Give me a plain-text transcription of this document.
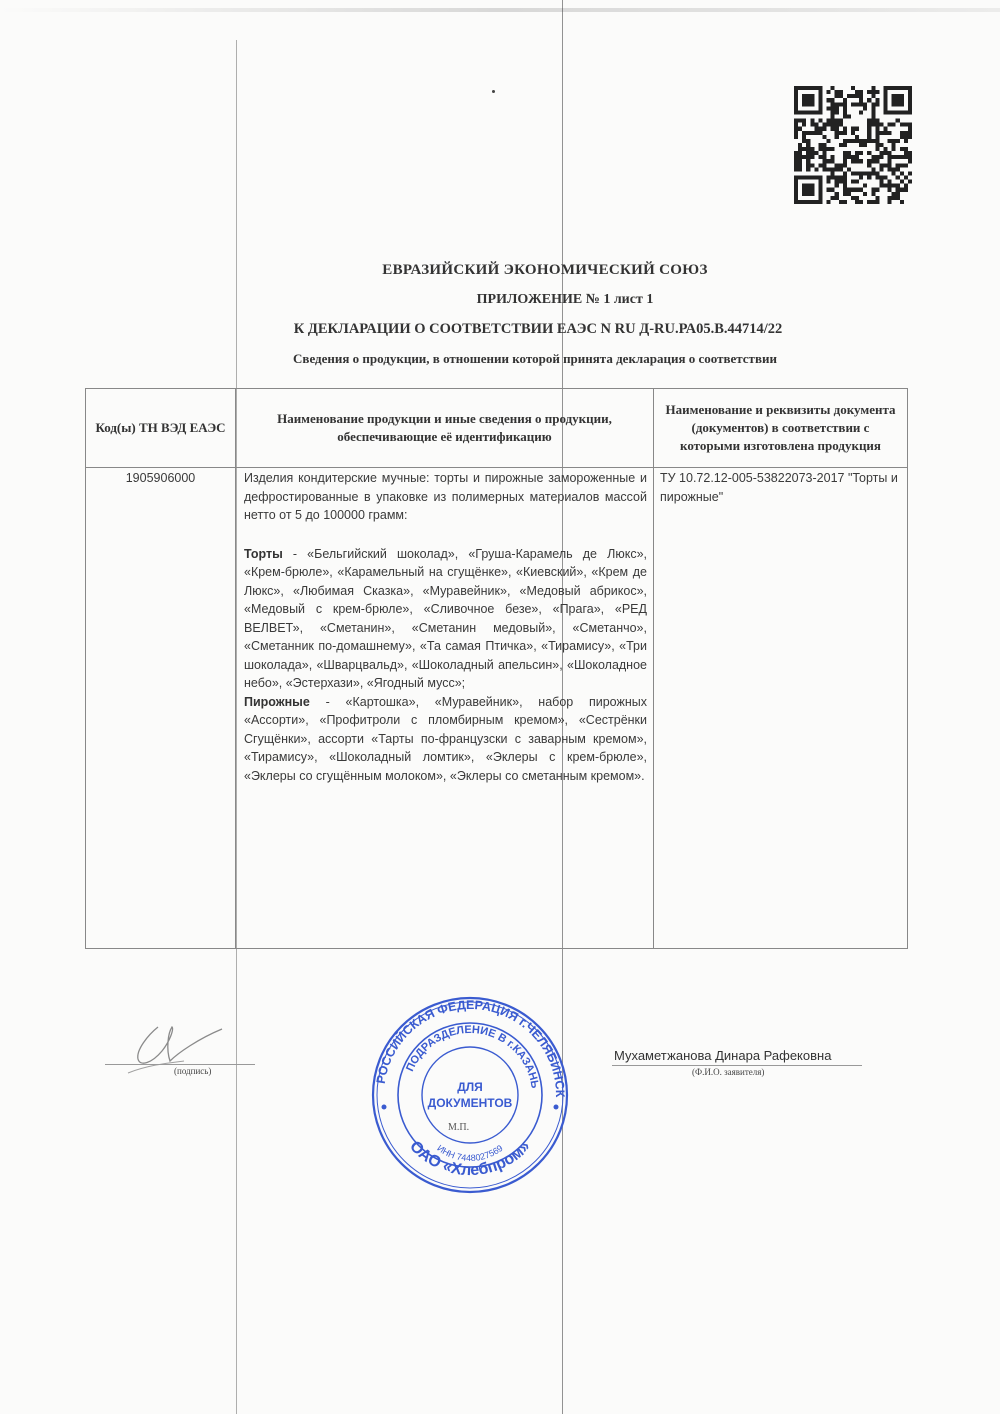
ЕВРАЗИЙСКИЙ ЭКОНОМИЧЕСКИЙ СОЮЗ
ПРИЛОЖЕНИЕ № 1 лист 1
К ДЕКЛАРАЦИИ О СООТВЕТСТВИИ ЕАЭС N RU Д-RU.РА05.В.44714/22
Сведения о продукции, в отношении которой принята декларация о соответствии
Код(ы) ТН ВЭД ЕАЭС	Наименование продукции и иные сведения о продукции, обеспечивающие её идентификацию	Наименование и реквизиты документа (документов) в соответствии с которыми изготовлена продукция
1905906000	Изделия кондитерские мучные: торты и пирожные замороженные и дефростированные в упаковке из полимерных материалов массой нетто от 5 до 100000 грамм:

Торты - «Бельгийский шоколад», «Груша-Карамель де Люкс», «Крем-брюле», «Карамельный на сгущёнке», «Киевский», «Крем де Люкс», «Любимая Сказка», «Муравейник», «Медовый абрикос», «Медовый с крем-брюле», «Сливочное безе», «Прага», «РЕД ВЕЛВЕТ», «Сметанин», «Сметанин медовый», «Сметанчо», «Сметанник по-домашнему», «Та самая Птичка», «Тирамису», «Три шоколада», «Шварцвальд», «Шоколадный апельсин», «Шоколадное небо», «Эстерхази», «Ягодный мусс»;

Пирожные - «Картошка», «Муравейник», набор пирожных «Ассорти», «Профитроли с пломбирным кремом», «Сестрёнки Сгущёнки», ассорти «Тарты по-французски с заварным кремом», «Тирамису», «Шоколадный ломтик», «Эклеры с крем-брюле», «Эклеры со сгущённым молоком», «Эклеры со сметанным кремом».	ТУ 10.72.12-005-53822073-2017 "Торты и пирожные"
(подпись)
Мухаметжанова Динара Рафековна
(Ф.И.О. заявителя)
М.П.
РОССИЙСКАЯ ФЕДЕРАЦИЯ г.ЧЕЛЯБИНСК
ПОДРАЗДЕЛЕНИЕ В г.КАЗАНЬ
ОАО «Хлебпром»
ИНН 7448027569
ДЛЯ
ДОКУМЕНТОВ
